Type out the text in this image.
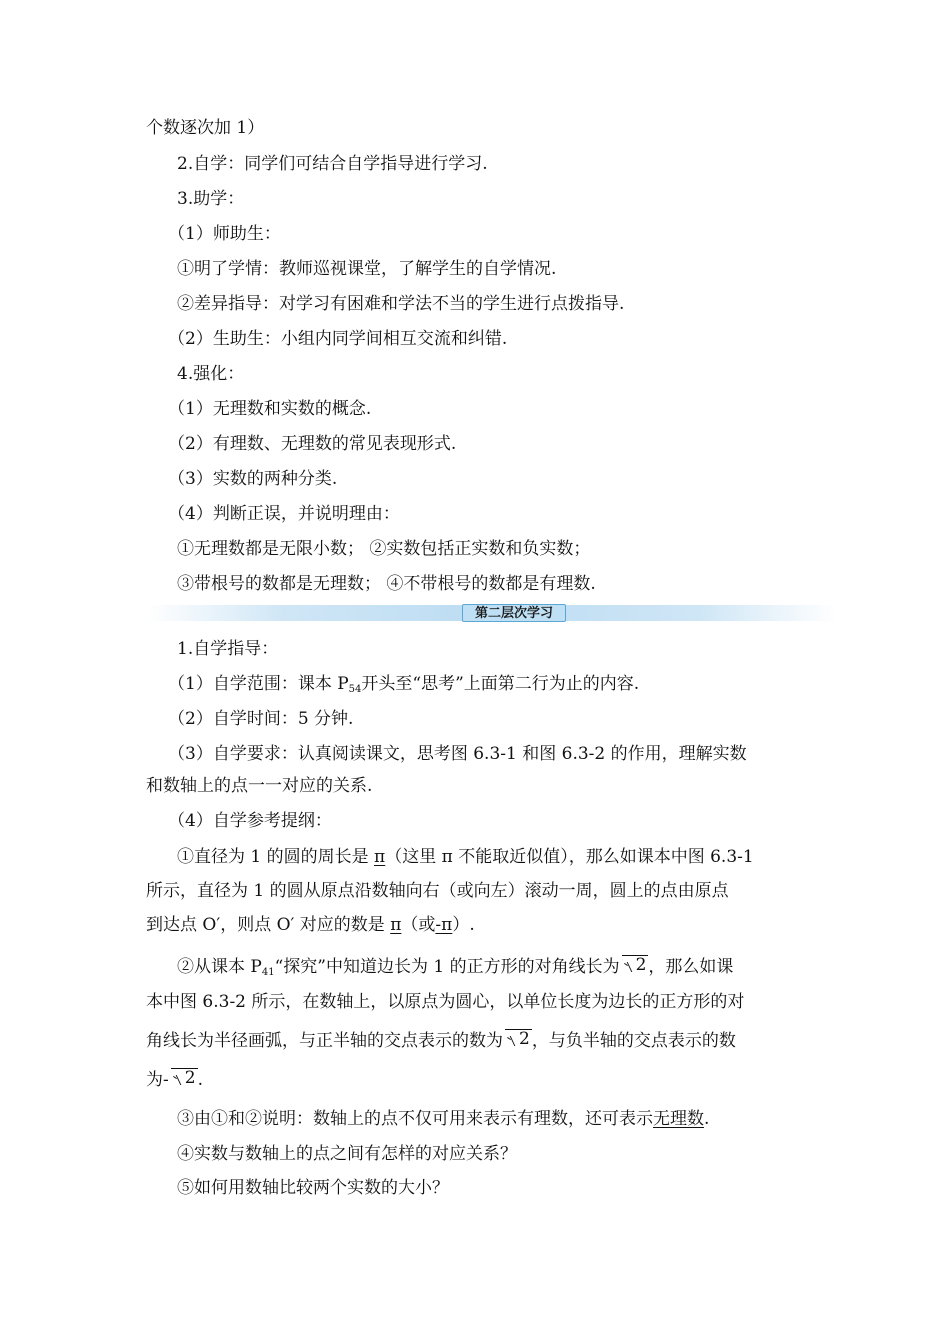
个数逐次加 1）
2.自学：同学们可结合自学指导进行学习.
3.助学：
（1）师助生：
①明了学情：教师巡视课堂，了解学生的自学情况.
②差异指导：对学习有困难和学法不当的学生进行点拨指导.
（2）生助生：小组内同学间相互交流和纠错.
4.强化：
（1）无理数和实数的概念.
（2）有理数、无理数的常见表现形式.
（3）实数的两种分类.
（4）判断正误，并说明理由：
①无理数都是无限小数； ②实数包括正实数和负实数；
③带根号的数都是无理数； ④不带根号的数都是有理数.
第二层次学习
1.自学指导：
（1）自学范围：课本 $P_{54}$开头至“思考”上面第二行为止的内容.
（2）自学时间：5 分钟.
（3）自学要求：认真阅读课文，思考图 6.3-1 和图 6.3-2 的作用，理解实数
和数轴上的点一一对应的关系.
（4）自学参考提纲：
①直径为 1 的圆的周长是 π（这里 π 不能取近似值），那么如课本中图 6.3-1
所示，直径为 1 的圆从原点沿数轴向右（或向左）滚动一周，圆上的点由原点
到达点 O′，则点 O′ 对应的数是 π（或-π）.
②从课本 $P_{41}“$探究”中知道边长为 1 的正方形的对角线长为 2 ，那么如课
本中图 6.3-2 所示，在数轴上，以原点为圆心，以单位长度为边长的正方形的对
角线长为半径画弧，与正半轴的交点表示的数为 2 ，与负半轴的交点表示的数
为- 2 .
③由①和②说明：数轴上的点不仅可用来表示有理数，还可表示无理数.
④实数与数轴上的点之间有怎样的对应关系？
⑤如何用数轴比较两个实数的大小？
